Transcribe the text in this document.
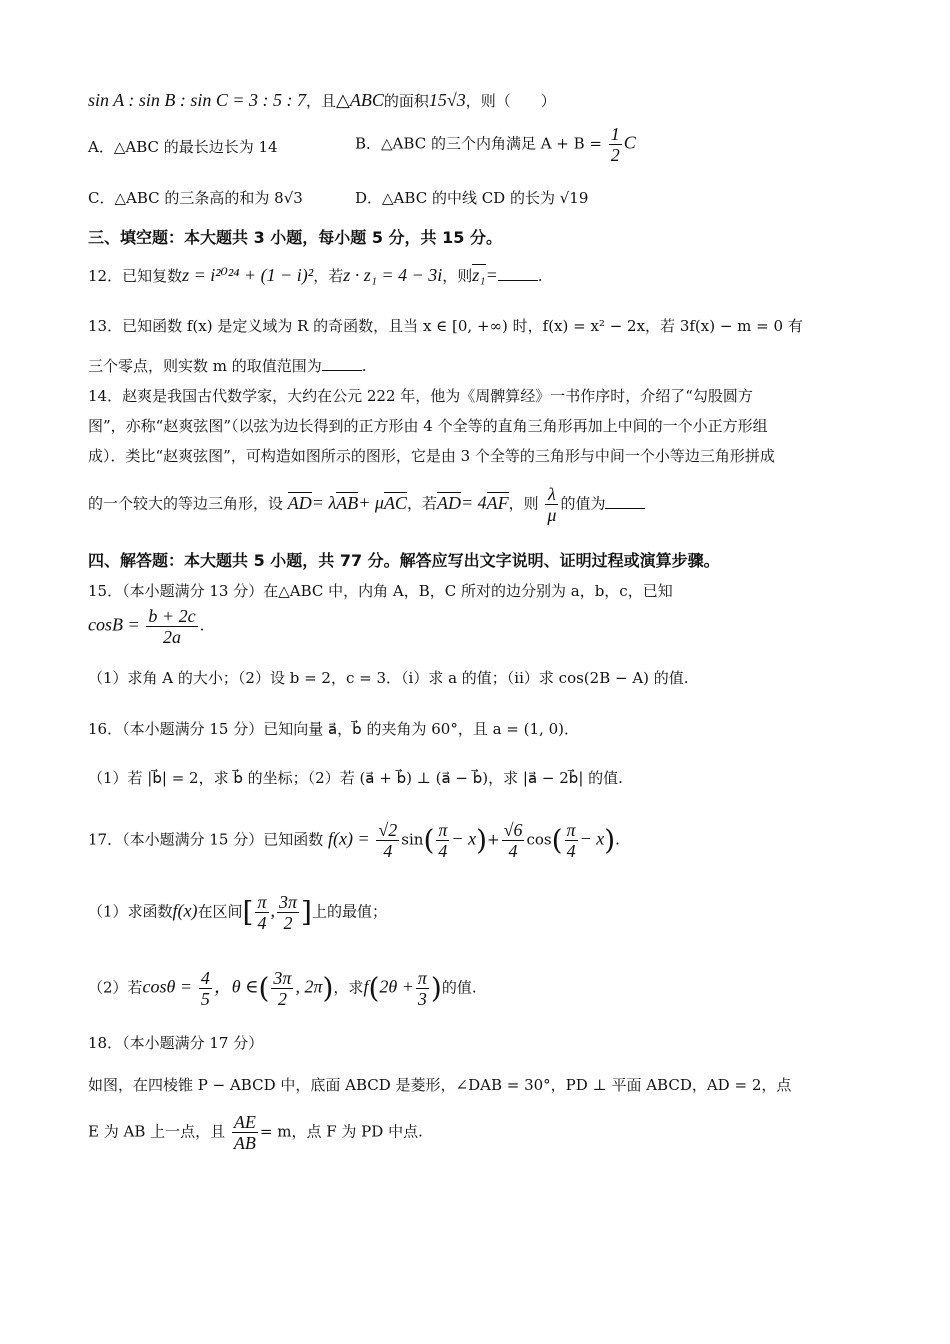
sin A : sin B : sin C = 3 : 5 : 7，且△ABC的面积15√3，则（　　）
A．△ABC 的最长边长为 14	B．△ABC 的三个内角满足 $A + B = \frac{1}{2}$ C
C．△ABC 的三条高的和为 8√3	D．△ABC 的中线 CD 的长为 √19
三、填空题：本大题共 3 小题，每小题 5 分，共 15 分。
12．已知复数z = i²⁰²⁴ + (1 − i)²，若z · z₁ = 4 − 3i，则z₁=	.
13．已知函数 f(x) 是定义域为 R 的奇函数，且当 x ∈ [0, +∞) 时，f(x) = x² − 2x，若 3f(x) − m = 0 有
三个零点，则实数 m 的取值范围为	.
14．赵爽是我国古代数学家，大约在公元 222 年，他为《周髀算经》一书作序时，介绍了“勾股圆方
图”，亦称“赵爽弦图”（以弦为边长得到的正方形由 4 个全等的直角三角形再加上中间的一个小正方形组
成）．类比“赵爽弦图”，可构造如图所示的图形，它是由 3 个全等的三角形与中间一个小等边三角形拼成
的一个较大的等边三角形，设 AD= λAB+ μAC，若AD= 4AF，则 $\frac{\lambda}{\mu}$ 的值为
四、解答题：本大题共 5 小题，共 77 分。解答应写出文字说明、证明过程或演算步骤。
15．（本小题满分 13 分）在△ABC 中，内角 A，B，C 所对的边分别为 a，b，c，已知
$\cos B = \frac{b + 2c}{2a}$ .
（1）求角 A 的大小；（2）设 b = 2，c = 3．（i）求 a 的值；（ii）求 cos(2B − A) 的值.
16．（本小题满分 15 分）已知向量 a⃗，b⃗ 的夹角为 60°，且 a = (1, 0)．
（1）若 |b⃗| = 2，求 b⃗ 的坐标；（2）若 (a⃗ + b⃗) ⊥ (a⃗ − b⃗)，求 |a⃗ − 2b⃗| 的值.
17．（本小题满分 15 分）已知函数 $f(x) = \frac{√2}{4} \sin( \frac{\pi}{4} - x)+ \frac{√6}{4} \cos( \frac{\pi}{4} - x)$.
（1）求函数f(x)在区间[ $\frac{\pi}{4}$ , $\frac{3\pi}{2}$ ]上的最值；
（2）若$\cos\theta = \frac{4}{5}$ ，θ ∈( $\frac{3\pi}{2}$ , 2π)，求$f(2\theta + \frac{\pi}{3}$ )的值.
18．（本小题满分 17 分）
如图，在四棱锥 P − ABCD 中，底面 ABCD 是菱形，∠DAB = 30°，PD ⊥ 平面 ABCD，AD = 2，点
E 为 AB 上一点，且 $\frac{AE}{AB} = m$，点 F 为 PD 中点.
